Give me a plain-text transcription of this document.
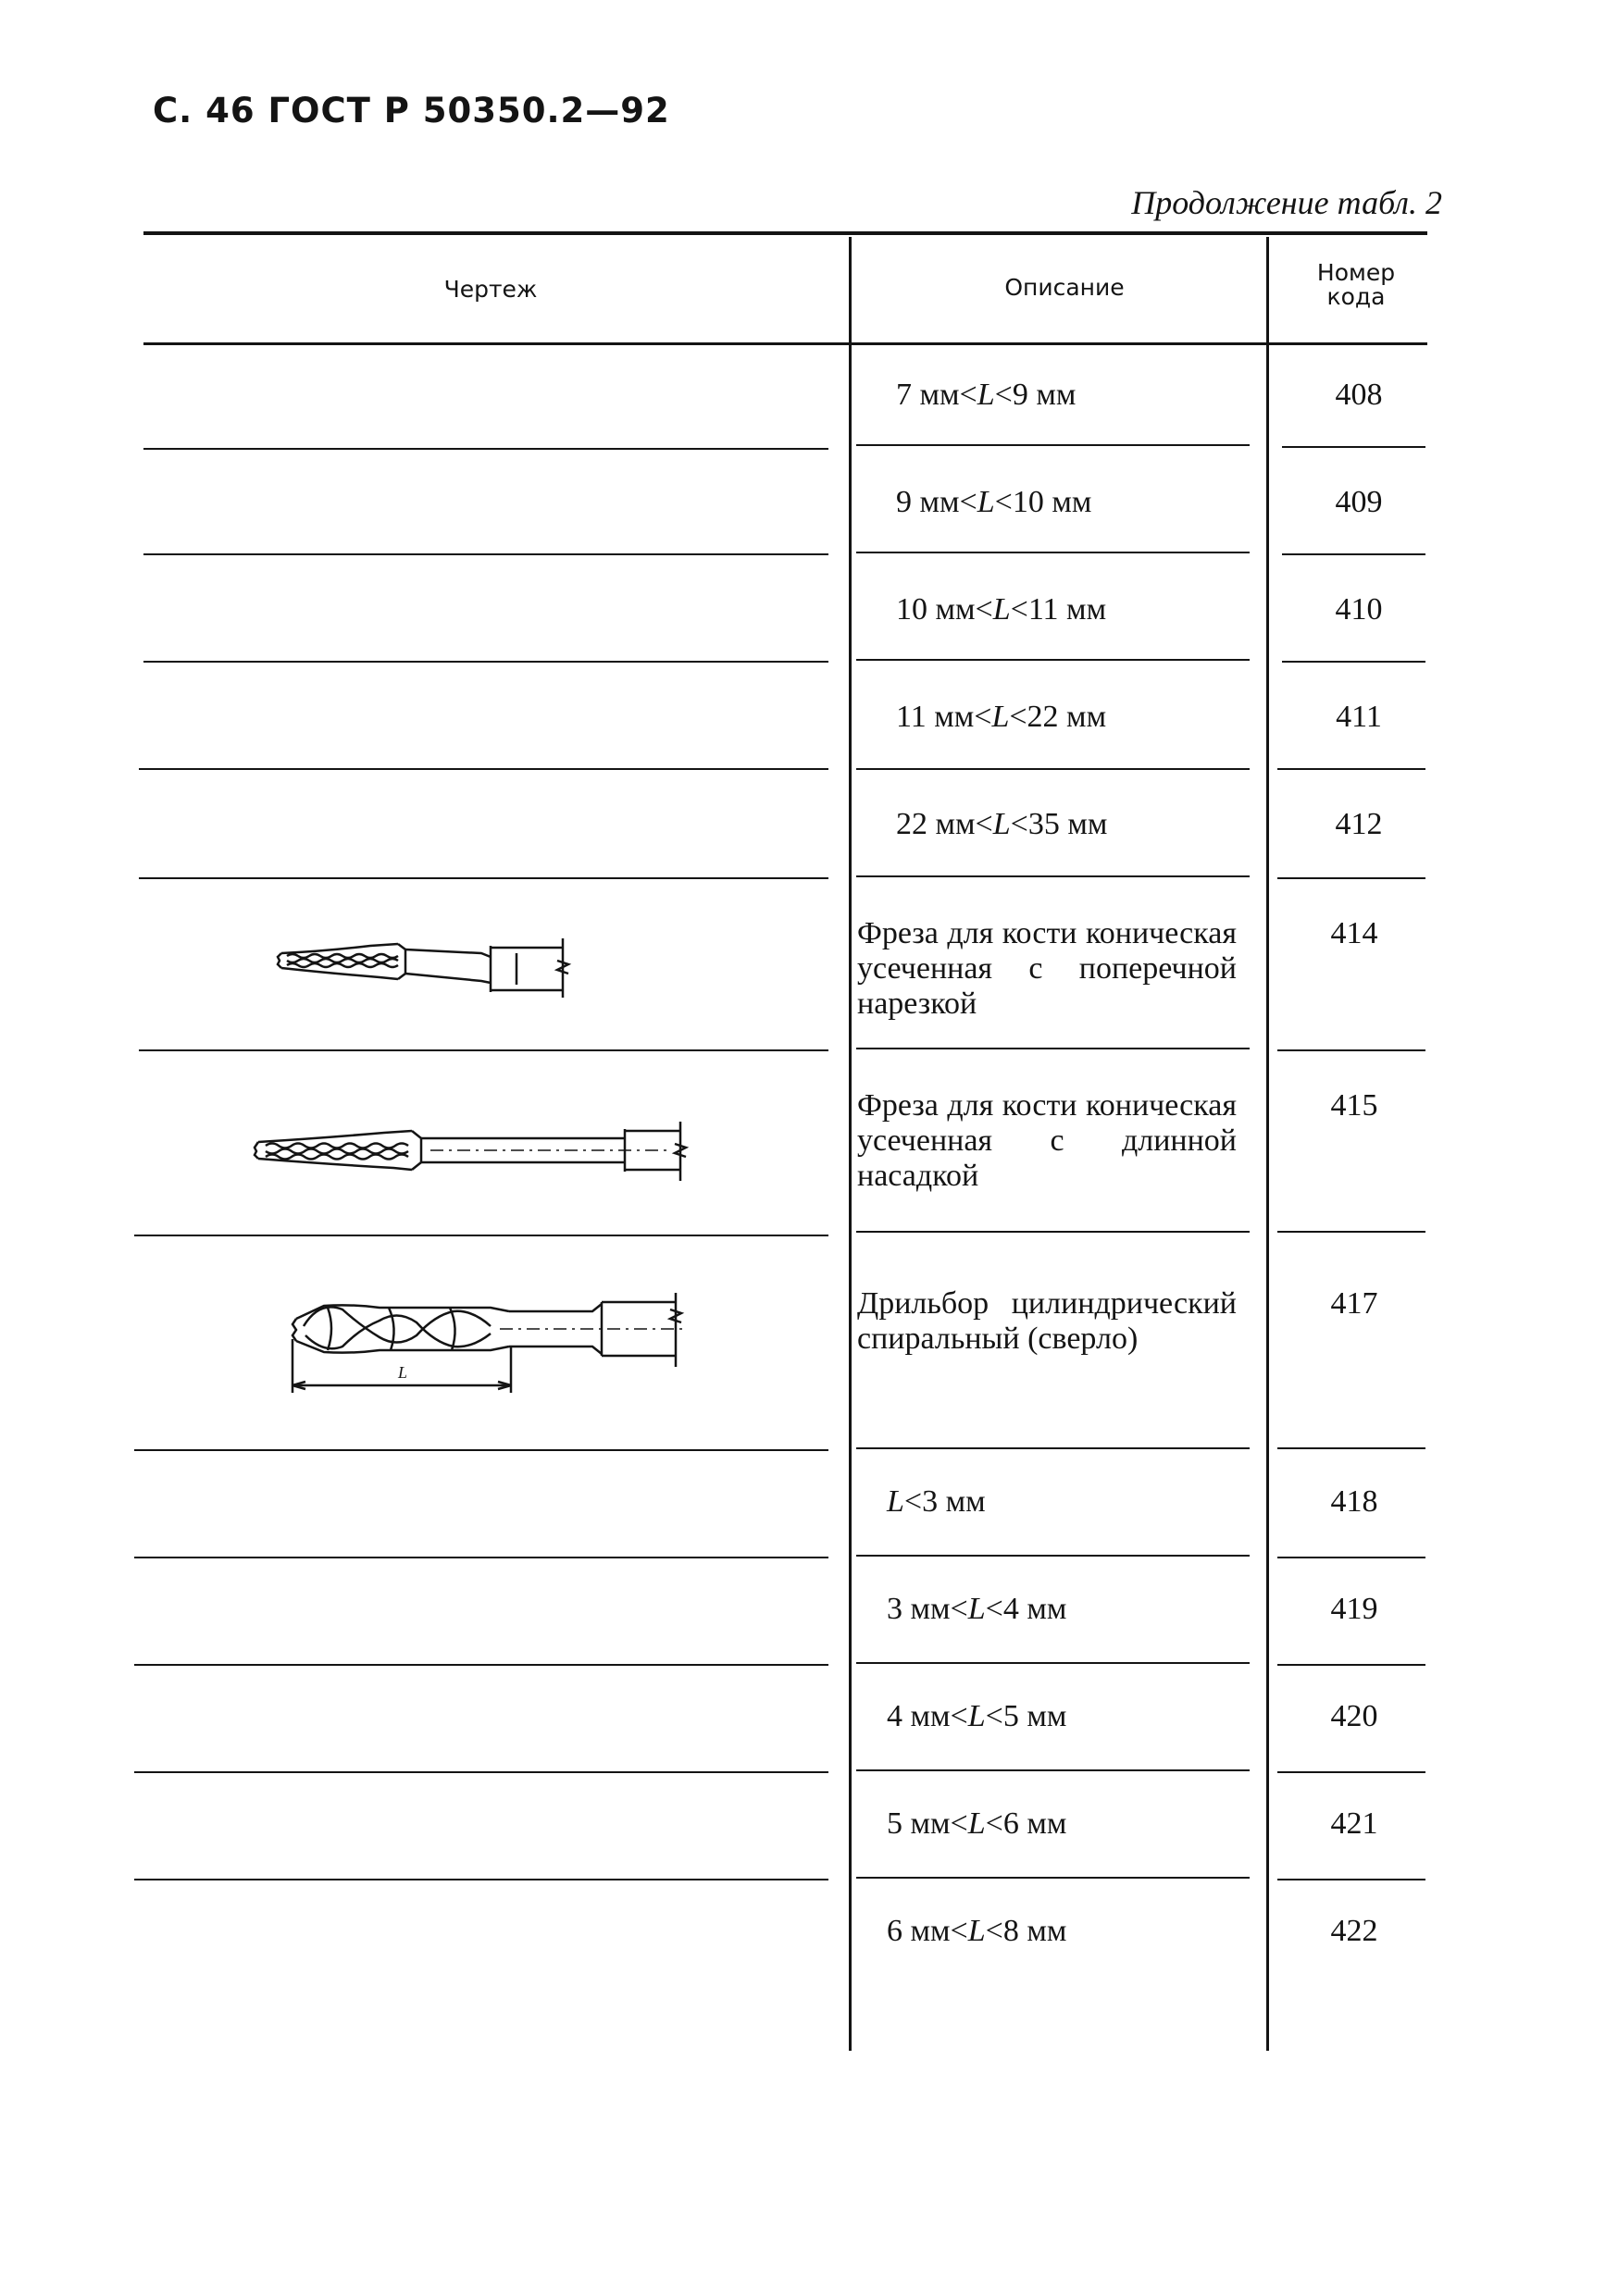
С. 46 ГОСТ Р 50350.2—92
Продолжение табл. 2
Чертеж	Описание
Номер
кода
7 мм<L<9 мм
9 мм<L<10 мм
10 мм<L<11 мм
11 мм<L<22 мм
22 мм<L<35 мм
Фреза для кости коническая усеченная с поперечной нарезкой
Фреза для кости коническая усеченная с длинной насадкой
Дрильбор цилиндрический спиральный (сверло)
L<3 мм
3 мм<L<4 мм
4 мм<L<5 мм
5 мм<L<6 мм
6 мм<L<8 мм
408
409
410
411
412
414
415
417
418
419
420
421
422
L
